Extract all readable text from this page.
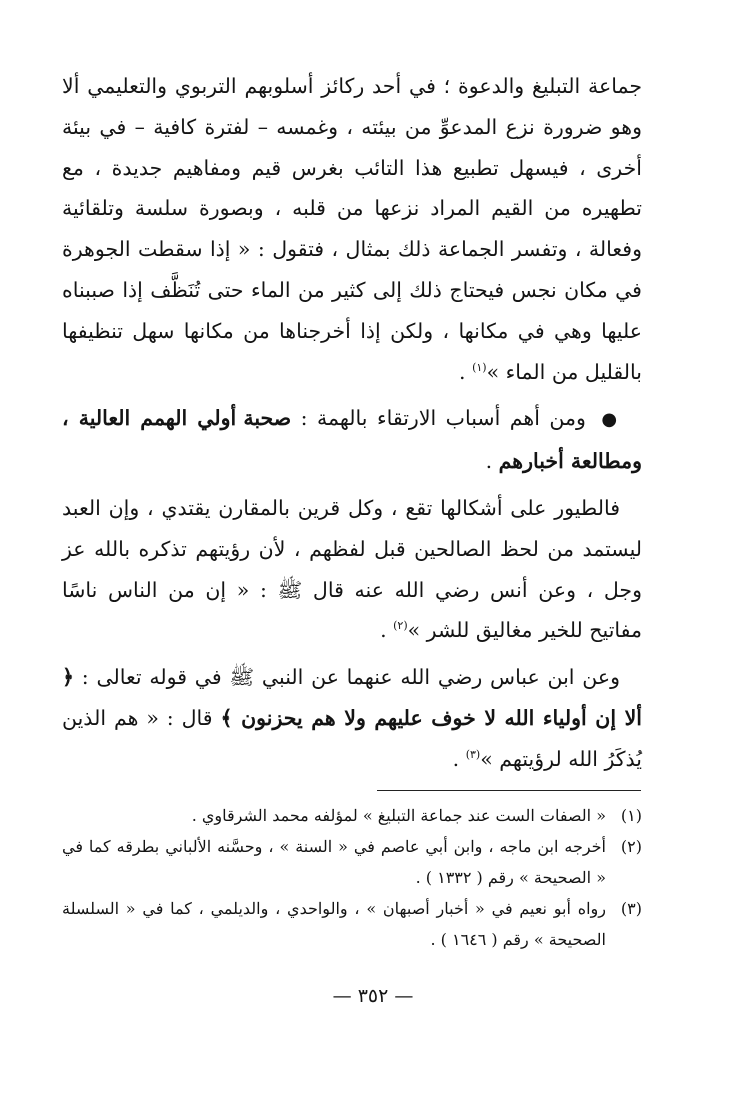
جماعة التبليغ والدعوة ؛ في أحد ركائز أسلوبهم التربوي والتعليمي ألا وهو ضرورة نزع المدعوِّ من بيئته ، وغمسه – لفترة كافية – في بيئة أخرى ، فيسهل تطبيع هذا التائب بغرس قيم ومفاهيم جديدة ، مع تطهيره من القيم المراد نزعها من قلبه ، وبصورة سلسة وتلقائية وفعالة ، وتفسر الجماعة ذلك بمثال ، فتقول : « إذا سقطت الجوهرة في مكان نجس فيحتاج ذلك إلى كثير من الماء حتى تُنَظَّف إذا صببناه عليها وهي في مكانها ، ولكن إذا أخرجناها من مكانها سهل تنظيفها بالقليل من الماء »$^{(١)}$ .

● ومن أهم أسباب الارتقاء بالهمة : صحبة أولي الهمم العالية ، ومطالعة أخبارهم .

فالطيور على أشكالها تقع ، وكل قرين بالمقارن يقتدي ، وإن العبد ليستمد من لحظ الصالحين قبل لفظهم ، لأن رؤيتهم تذكره بالله عز وجل ، وعن أنس رضي الله عنه قال ﷺ : « إن من الناس ناسًا مفاتيح للخير مغاليق للشر »$^{(٢)}$ .

وعن ابن عباس رضي الله عنهما عن النبي ﷺ في قوله تعالى : ﴿ ألا إن أولياء الله لا خوف عليهم ولا هم يحزنون ﴾ قال : « هم الذين يُذكَرُ الله لرؤيتهم »$^{(٣)}$ .

(١)
« الصفات الست عند جماعة التبليغ » لمؤلفه محمد الشرقاوي .
(٢)
أخرجه ابن ماجه ، وابن أبي عاصم في « السنة » ، وحسَّنه الألباني بطرقه كما في « الصحيحة » رقم ( ١٣٣٢ ) .
(٣)
رواه أبو نعيم في « أخبار أصبهان » ، والواحدي ، والديلمي ، كما في « السلسلة الصحيحة » رقم ( ١٦٤٦ ) .
— ٣٥٢ —
